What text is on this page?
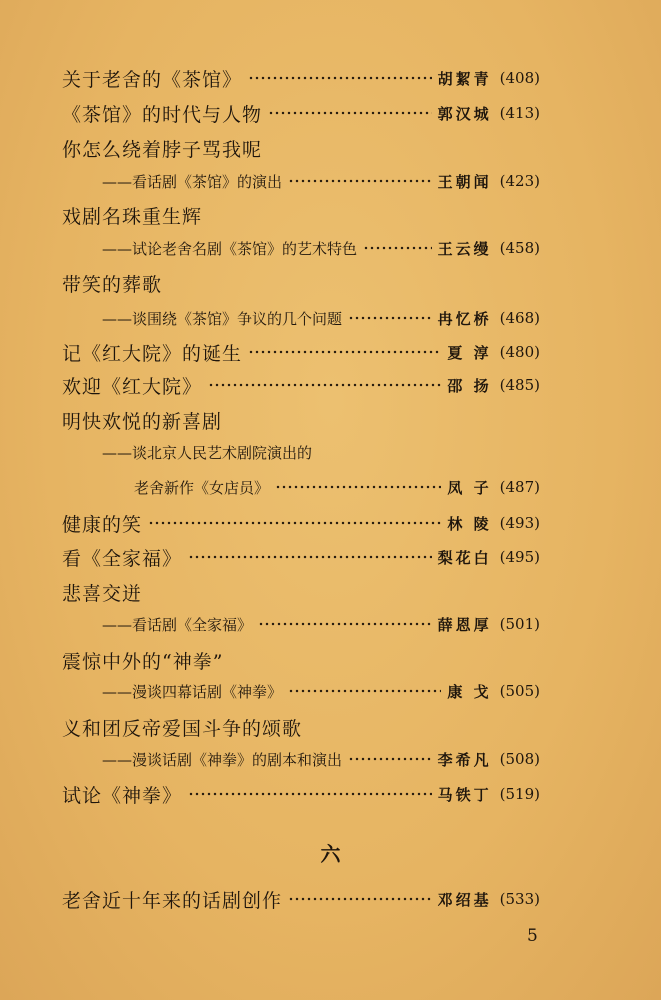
关于老舍的《茶馆》	胡絜青 (408)
《茶馆》的时代与人物	郭汉城 (413)
你怎么绕着脖子骂我呢
——看话剧《茶馆》的演出	王朝闻 (423)
戏剧名珠重生辉
——试论老舍名剧《茶馆》的艺术特色	王云缦 (458)
带笑的葬歌
——谈围绕《茶馆》争议的几个问题	冉忆桥 (468)
记《红大院》的诞生	夏 淳 (480)
欢迎《红大院》	邵 扬 (485)
明快欢悦的新喜剧
——谈北京人民艺术剧院演出的
老舍新作《女店员》	凤 子 (487)
健康的笑	林 陵 (493)
看《全家福》	梨花白 (495)
悲喜交迸
——看话剧《全家福》	薛恩厚 (501)
震惊中外的“神拳”
——漫谈四幕话剧《神拳》	康 戈 (505)
义和团反帝爱国斗争的颂歌
——漫谈话剧《神拳》的剧本和演出	李希凡 (508)
试论《神拳》	马铁丁 (519)
六
老舍近十年来的话剧创作	邓绍基 (533)
5
